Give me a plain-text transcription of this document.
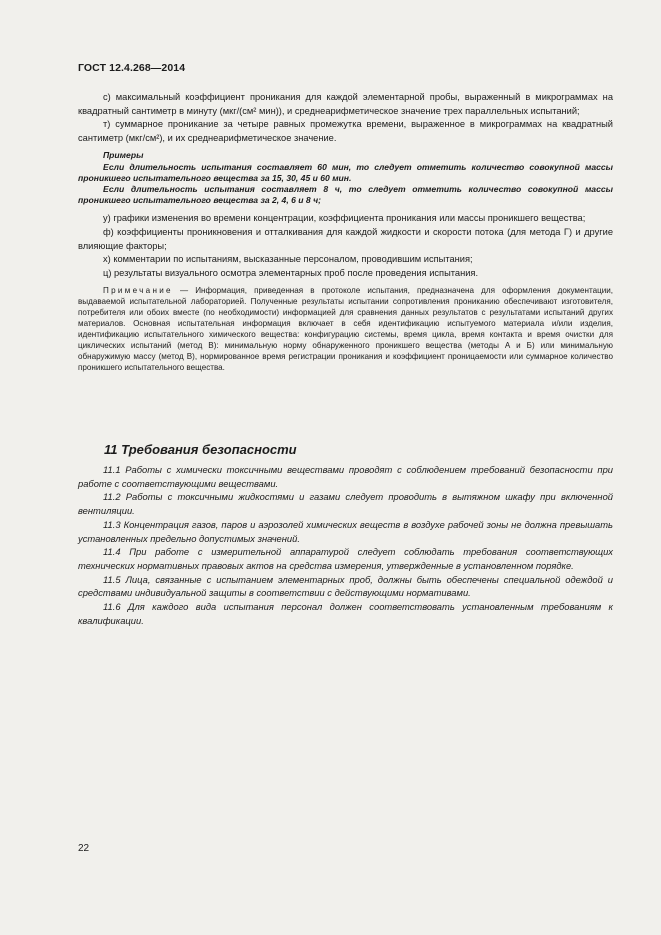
ГОСТ 12.4.268—2014

с) максимальный коэффициент проникания для каждой элементарной пробы, выраженный в микрограммах на квадратный сантиметр в минуту (мкг/(см² мин)), и среднеарифметическое значение трех параллельных испытаний;

т) суммарное проникание за четыре равных промежутка времени, выраженное в микрограммах на квадратный сантиметр (мкг/см²), и их среднеарифметическое значение.

Примеры

Если длительность испытания составляет 60 мин, то следует отметить количество совокупной массы проникшего испытательного вещества за 15, 30, 45 и 60 мин.

Если длительность испытания составляет 8 ч, то следует отметить количество совокупной массы проникшего испытательного вещества за 2, 4, 6 и 8 ч;

у) графики изменения во времени концентрации, коэффициента проникания или массы проникшего вещества;

ф) коэффициенты проникновения и отталкивания для каждой жидкости и скорости потока (для метода Г) и другие влияющие факторы;

х) комментарии по испытаниям, высказанные персоналом, проводившим испытания;

ц) результаты визуального осмотра элементарных проб после проведения испытания.

Примечание — Информация, приведенная в протоколе испытания, предназначена для оформления документации, выдаваемой испытательной лабораторией. Полученные результаты испытании сопротивления прониканию обеспечивают изготовителя, потребителя или обоих вместе (по необходимости) информацией для сравнения данных результатов с результатами испытаний других материалов. Основная испытательная информация включает в себя идентификацию испытуемого материала и/или изделия, идентификацию испытательного химического вещества: конфигурацию системы, время цикла, время контакта и время очистки для циклических испытаний (метод В): минимальную норму обнаруженного проникшего вещества (методы А и Б) или минимальную обнаружимую массу (метод В), нормированное время регистрации проникания и коэффициент проницаемости или суммарное количество проникшего испытательного вещества.

11 Требования безопасности

11.1 Работы с химически токсичными веществами проводят с соблюдением требований безопасности при работе с соответствующими веществами.

11.2 Работы с токсичными жидкостями и газами следует проводить в вытяжном шкафу при включенной вентиляции.

11.3 Концентрация газов, паров и аэрозолей химических веществ в воздухе рабочей зоны не должна превышать установленных предельно допустимых значений.

11.4 При работе с измерительной аппаратурой следует соблюдать требования соответствующих технических нормативных правовых актов на средства измерения, утвержденные в установленном порядке.

11.5 Лица, связанные с испытанием элементарных проб, должны быть обеспечены специальной одеждой и средствами индивидуальной защиты в соответствии с действующими нормативами.

11.6 Для каждого вида испытания персонал должен соответствовать установленным требованиям к квалификации.

22
